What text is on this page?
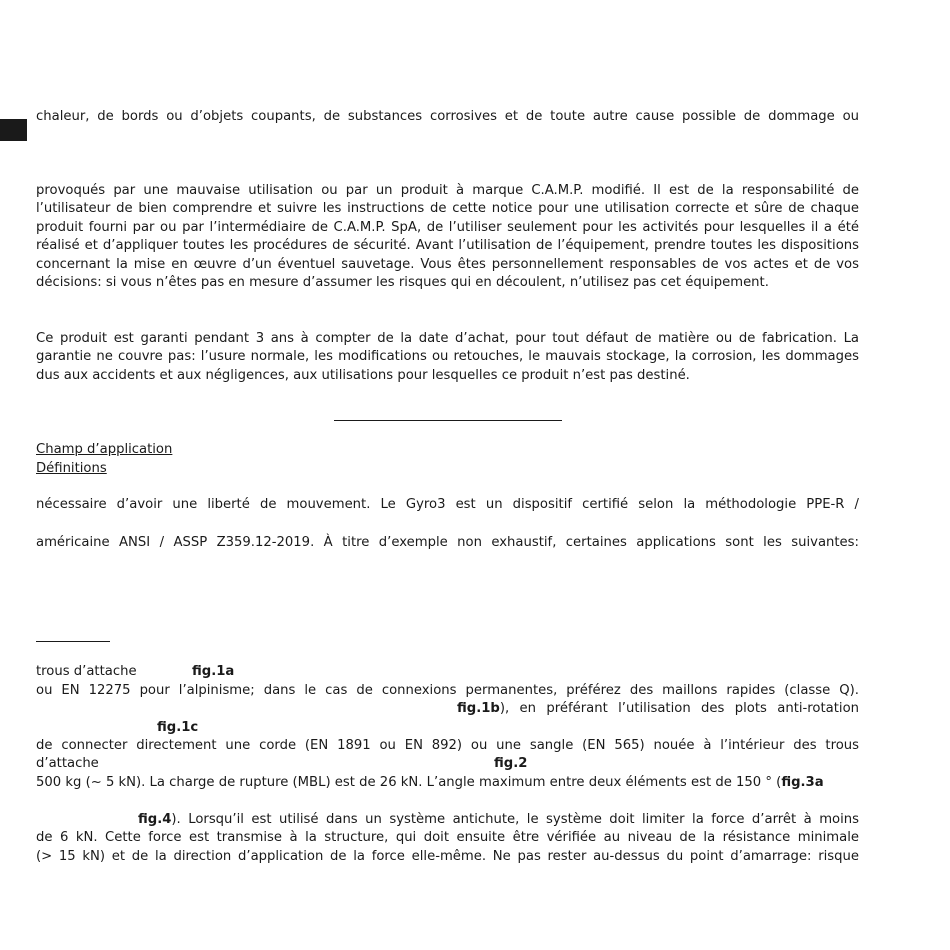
chaleur, de bords ou d’objets coupants, de substances corrosives et de toute autre cause possible de dommage ou
provoqués par une mauvaise utilisation ou par un produit à marque C.A.M.P. modifié. Il est de la responsabilité de l’utilisateur de bien comprendre et suivre les instructions de cette notice pour une utilisation correcte et sûre de chaque produit fourni par ou par l’intermédiaire de C.A.M.P. SpA, de l’utiliser seulement pour les activités pour lesquelles il a été réalisé et d’appliquer toutes les procédures de sécurité. Avant l’utilisation de l’équipement, prendre toutes les dispositions concernant la mise en œuvre d’un éventuel sauvetage. Vous êtes personnellement responsables de vos actes et de vos décisions: si vous n’êtes pas en mesure d’assumer les risques qui en découlent, n’utilisez pas cet équipement.
Ce produit est garanti pendant 3 ans à compter de la date d’achat, pour tout défaut de matière ou de fabrication. La garantie ne couvre pas: l’usure normale, les modifications ou retouches, le mauvais stockage, la corrosion, les dommages dus aux accidents et aux négligences, aux utilisations pour lesquelles ce produit n’est pas destiné.
Champ d’application
Définitions
nécessaire d’avoir une liberté de mouvement. Le Gyro3 est un dispositif certifié selon la méthodologie PPE-R /
américaine ANSI / ASSP Z359.12-2019. À titre d’exemple non exhaustif, certaines applications sont les suivantes:
trous d’attache	fig.1a
ou EN 12275 pour l’alpinisme; dans le cas de connexions permanentes, préférez des maillons rapides (classe Q).
fig.1b), en préférant l’utilisation des plots anti-rotation
fig.1c
de connecter directement une corde (EN 1891 ou EN 892) ou une sangle (EN 565) nouée à l’intérieur des trous
d’attache	fig.2
500 kg (~ 5 kN). La charge de rupture (MBL) est de 26 kN. L’angle maximum entre deux éléments est de 150 ° (fig.3a
fig.4). Lorsqu’il est utilisé dans un système antichute, le système doit limiter la force d’arrêt à moins
de 6 kN. Cette force est transmise à la structure, qui doit ensuite être vérifiée au niveau de la résistance minimale
(> 15 kN) et de la direction d’application de la force elle-même. Ne pas rester au-dessus du point d’amarrage: risque
